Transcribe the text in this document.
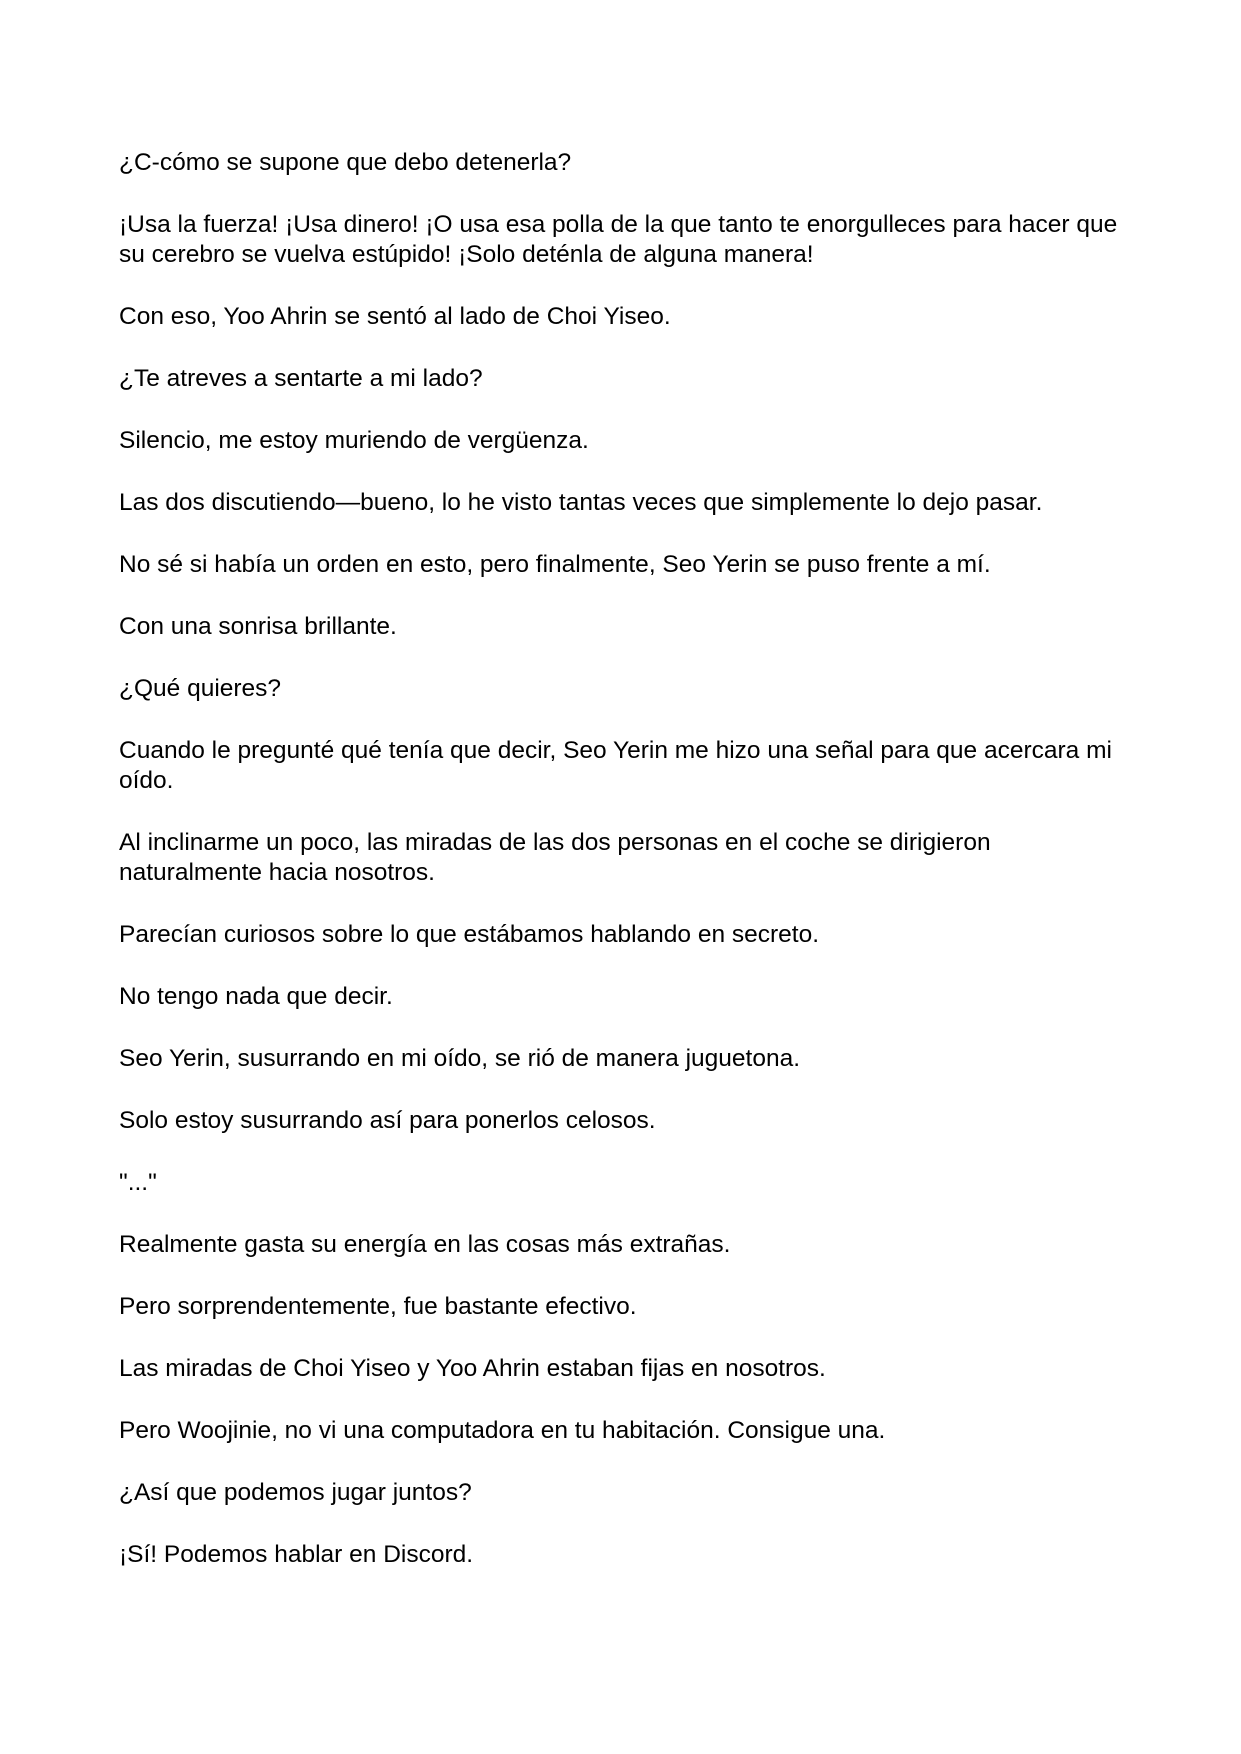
¿C-cómo se supone que debo detenerla?

¡Usa la fuerza! ¡Usa dinero! ¡O usa esa polla de la que tanto te enorgulleces para hacer que su cerebro se vuelva estúpido! ¡Solo deténla de alguna manera!

Con eso, Yoo Ahrin se sentó al lado de Choi Yiseo.

¿Te atreves a sentarte a mi lado?

Silencio, me estoy muriendo de vergüenza.

Las dos discutiendo—bueno, lo he visto tantas veces que simplemente lo dejo pasar.

No sé si había un orden en esto, pero finalmente, Seo Yerin se puso frente a mí.

Con una sonrisa brillante.

¿Qué quieres?

Cuando le pregunté qué tenía que decir, Seo Yerin me hizo una señal para que acercara mi oído.

Al inclinarme un poco, las miradas de las dos personas en el coche se dirigieron naturalmente hacia nosotros.

Parecían curiosos sobre lo que estábamos hablando en secreto.

No tengo nada que decir.

Seo Yerin, susurrando en mi oído, se rió de manera juguetona.

Solo estoy susurrando así para ponerlos celosos.

"..."

Realmente gasta su energía en las cosas más extrañas.

Pero sorprendentemente, fue bastante efectivo.

Las miradas de Choi Yiseo y Yoo Ahrin estaban fijas en nosotros.

Pero Woojinie, no vi una computadora en tu habitación. Consigue una.

¿Así que podemos jugar juntos?

¡Sí! Podemos hablar en Discord.
